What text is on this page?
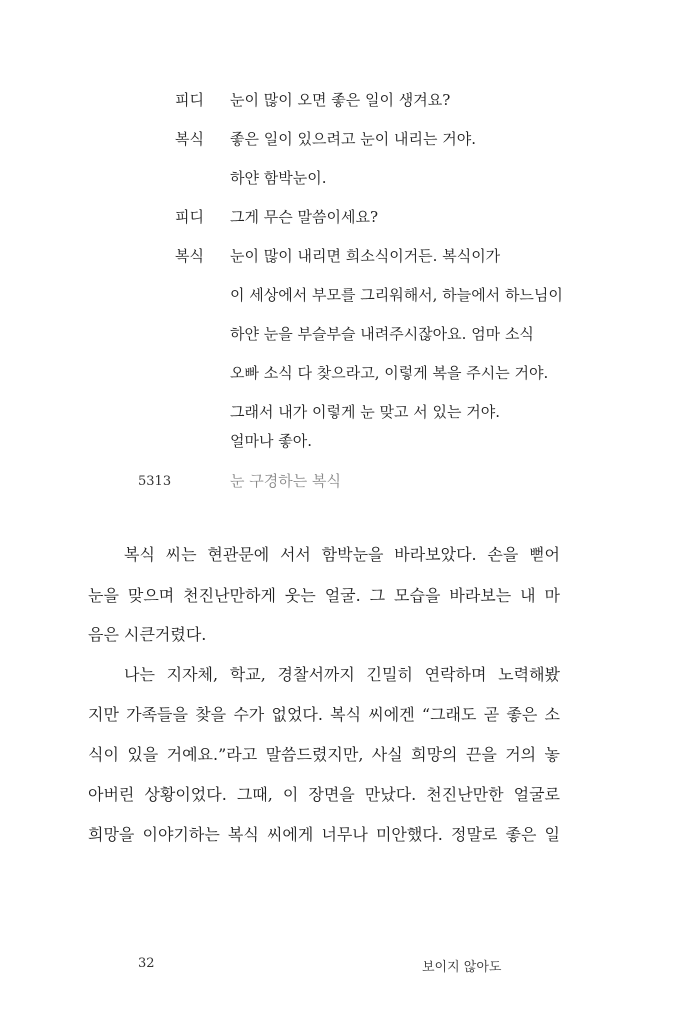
피디 눈이 많이 오면 좋은 일이 생겨요?
복식 좋은 일이 있으려고 눈이 내리는 거야.
하얀 함박눈이.
피디 그게 무슨 말씀이세요?
복식 눈이 많이 내리면 희소식이거든. 복식이가
이 세상에서 부모를 그리워해서, 하늘에서 하느님이
하얀 눈을 부슬부슬 내려주시잖아요. 엄마 소식
오빠 소식 다 찾으라고, 이렇게 복을 주시는 거야.
그래서 내가 이렇게 눈 맞고 서 있는 거야.
얼마나 좋아.
5313	눈 구경하는 복식
복식 씨는 현관문에 서서 함박눈을 바라보았다. 손을 뻗어
눈을 맞으며 천진난만하게 웃는 얼굴. 그 모습을 바라보는 내 마
음은 시큰거렸다.
나는 지자체, 학교, 경찰서까지 긴밀히 연락하며 노력해봤
지만 가족들을 찾을 수가 없었다. 복식 씨에겐 “그래도 곧 좋은 소
식이 있을 거예요.”라고 말씀드렸지만, 사실 희망의 끈을 거의 놓
아버린 상황이었다. 그때, 이 장면을 만났다. 천진난만한 얼굴로
희망을 이야기하는 복식 씨에게 너무나 미안했다. 정말로 좋은 일
32	보이지 않아도
